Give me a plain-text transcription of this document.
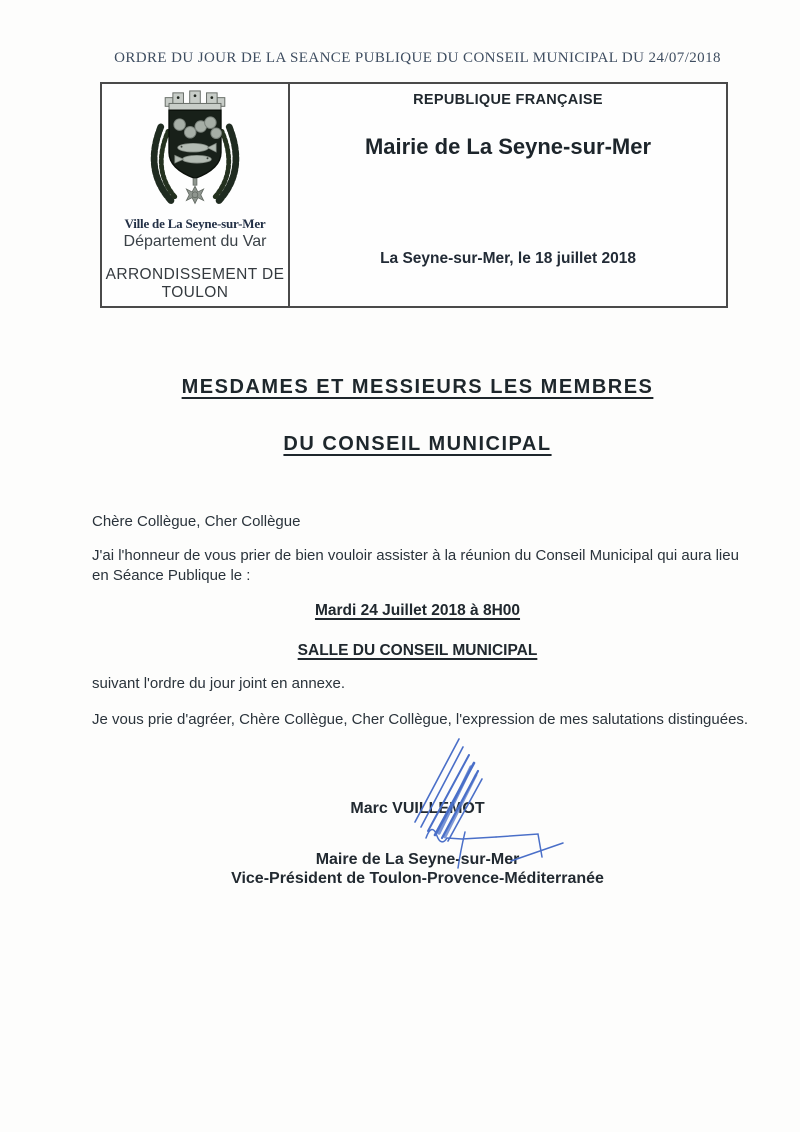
ORDRE DU JOUR DE LA SEANCE PUBLIQUE DU CONSEIL MUNICIPAL DU 24/07/2018
Ville de La Seyne-sur-Mer
Département du Var
ARRONDISSEMENT DE
TOULON
REPUBLIQUE FRANÇAISE
Mairie de La Seyne-sur-Mer
La Seyne-sur-Mer, le 18 juillet 2018
MESDAMES ET MESSIEURS LES MEMBRES
DU CONSEIL MUNICIPAL
Chère Collègue, Cher Collègue
J'ai l'honneur de vous prier de bien vouloir assister à la réunion du Conseil Municipal qui aura lieu en Séance Publique le :
Mardi 24 Juillet 2018 à 8H00
SALLE DU CONSEIL MUNICIPAL
suivant l'ordre du jour joint en annexe.
Je vous prie d'agréer, Chère Collègue, Cher Collègue, l'expression de mes salutations distinguées.
Marc VUILLEMOT
Maire de La Seyne-sur-Mer
Vice-Président de Toulon-Provence-Méditerranée
